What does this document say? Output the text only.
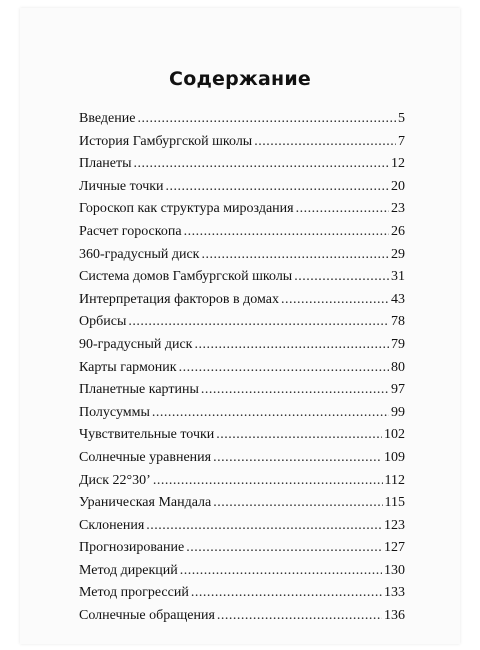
Содержание
Введение .....	5
История Гамбургской школы .....	7
Планеты .....	12
Личные точки .....	20
Гороскоп как структура мироздания .....	23
Расчет гороскопа .....	26
360-градусный диск .....	29
Система домов Гамбургской школы .....	31
Интерпретация факторов в домах .....	43
Орбисы .....	78
90-градусный диск .....	79
Карты гармоник .....	80
Планетные картины .....	97
Полусуммы .....	99
Чувствительные точки .....	102
Солнечные уравнения .....	109
Диск 22°30’ .....	112
Ураническая Мандала .....	115
Склонения .....	123
Прогнозирование .....	127
Метод дирекций .....	130
Метод прогрессий .....	133
Солнечные обращения .....	136
